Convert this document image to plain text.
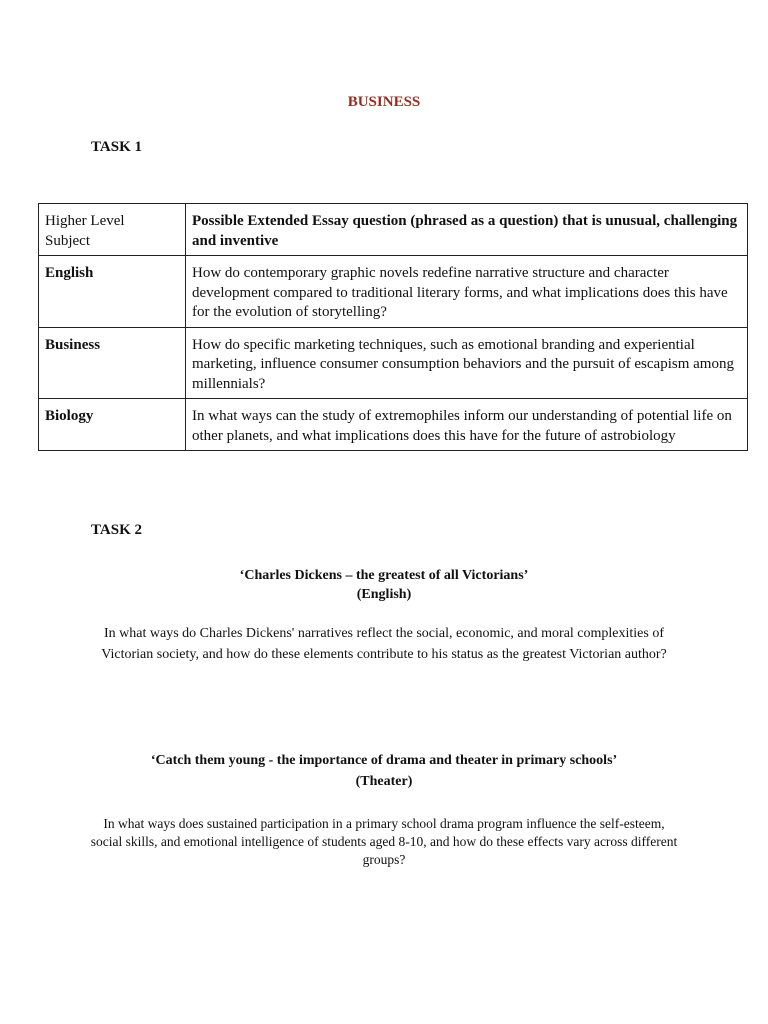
BUSINESS
TASK 1
Higher Level Subject	Possible Extended Essay question (phrased as a question) that is unusual, challenging and inventive
English	How do contemporary graphic novels redefine narrative structure and character development compared to traditional literary forms, and what implications does this have for the evolution of storytelling?
Business	How do specific marketing techniques, such as emotional branding and experiential marketing, influence consumer consumption behaviors and the pursuit of escapism among millennials?
Biology	In what ways can the study of extremophiles inform our understanding of potential life on other planets, and what implications does this have for the future of astrobiology
TASK 2
‘Charles Dickens – the greatest of all Victorians’
(English)
In what ways do Charles Dickens' narratives reflect the social, economic, and moral complexities of Victorian society, and how do these elements contribute to his status as the greatest Victorian author?
‘Catch them young - the importance of drama and theater in primary schools’
(Theater)
In what ways does sustained participation in a primary school drama program influence the self-esteem, social skills, and emotional intelligence of students aged 8-10, and how do these effects vary across different groups?
